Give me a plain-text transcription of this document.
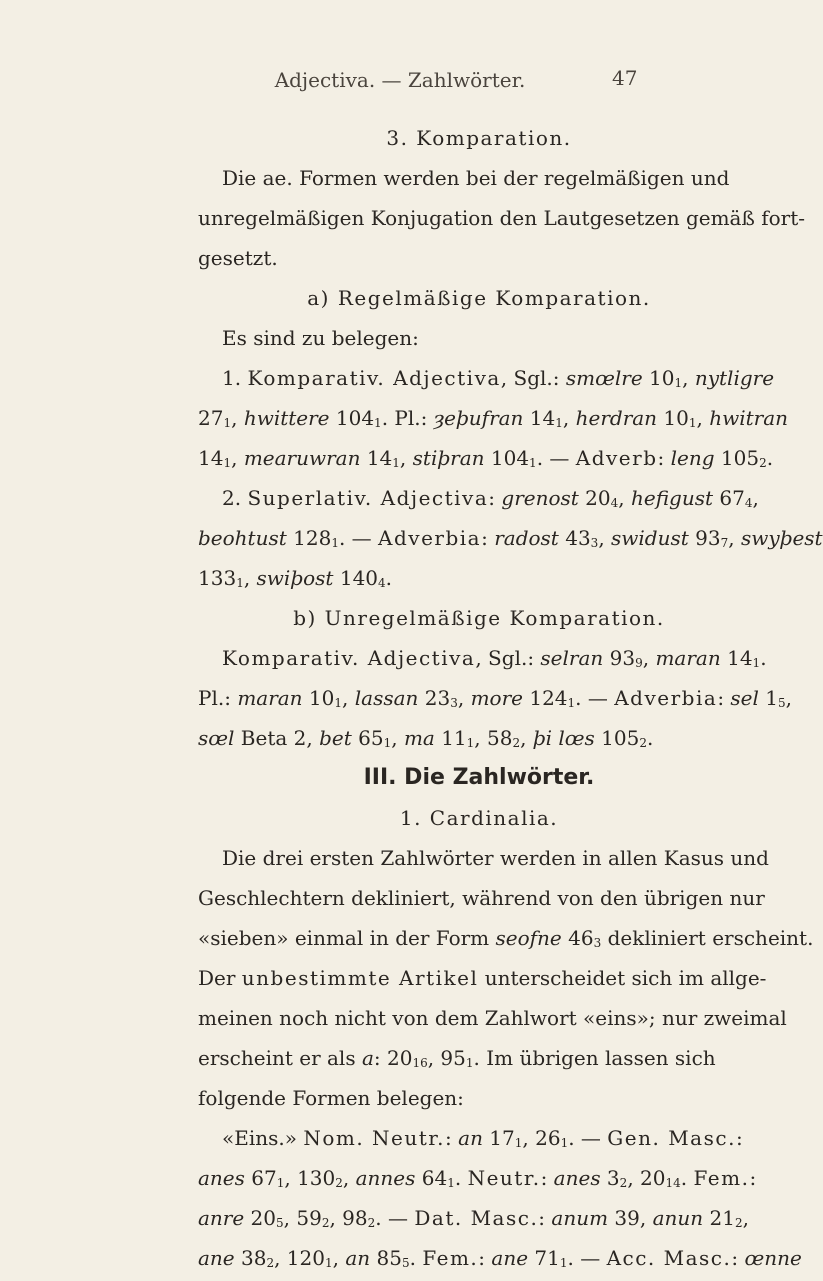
Adjectiva. — Zahlwörter.	47
3. Komparation.
Die ae. Formen werden bei der regelmäßigen und
unregelmäßigen Konjugation den Lautgesetzen gemäß fort-
gesetzt.
a) Regelmäßige Komparation.
Es sind zu belegen:
1. Komparativ. Adjectiva, Sgl.: smœlre $10_1$, nytligre
$27_1$, hwittere $104_1$. Pl.: ȝeþufran $14_1$, herdran $10_1$, hwitran
$14_1$, mearuwran $14_1$, stiþran $104_1$. — Adverb: leng $105_2$.
2. Superlativ. Adjectiva: grenost $20_4$, hefigust $67_4$,
beohtust $128_1$. — Adverbia: radost $43_3$, swidust $93_7$, swyþest
$133_1$, swiþost $140_4$.
b) Unregelmäßige Komparation.
Komparativ. Adjectiva, Sgl.: selran $93_9$, maran $14_1$.
Pl.: maran $10_1$, lassan $23_3$, more $124_1$. — Adverbia: sel $1_5$,
sœl Beta 2, bet $65_1$, ma $11_1$, $58_2$, þi lœs $105_2$.
III. Die Zahlwörter.
1. Cardinalia.
Die drei ersten Zahlwörter werden in allen Kasus und
Geschlechtern dekliniert, während von den übrigen nur
«sieben» einmal in der Form seofne $46_3$ dekliniert erscheint.
Der unbestimmte Artikel unterscheidet sich im allge-
meinen noch nicht von dem Zahlwort «eins»; nur zweimal
erscheint er als a: $20_{16}$, $95_1$. Im übrigen lassen sich
folgende Formen belegen:
«Eins.» Nom. Neutr.: an $17_1$, $26_1$. — Gen. Masc.:
anes $67_1$, $130_2$, annes $64_1$. Neutr.: anes $3_2$, $20_{14}$. Fem.:
anre $20_5$, $59_2$, $98_2$. — Dat. Masc.: anum 39, anun $21_2$,
ane $38_2$, $120_1$, an $85_5$. Fem.: ane $71_1$. — Acc. Masc.: œnne
